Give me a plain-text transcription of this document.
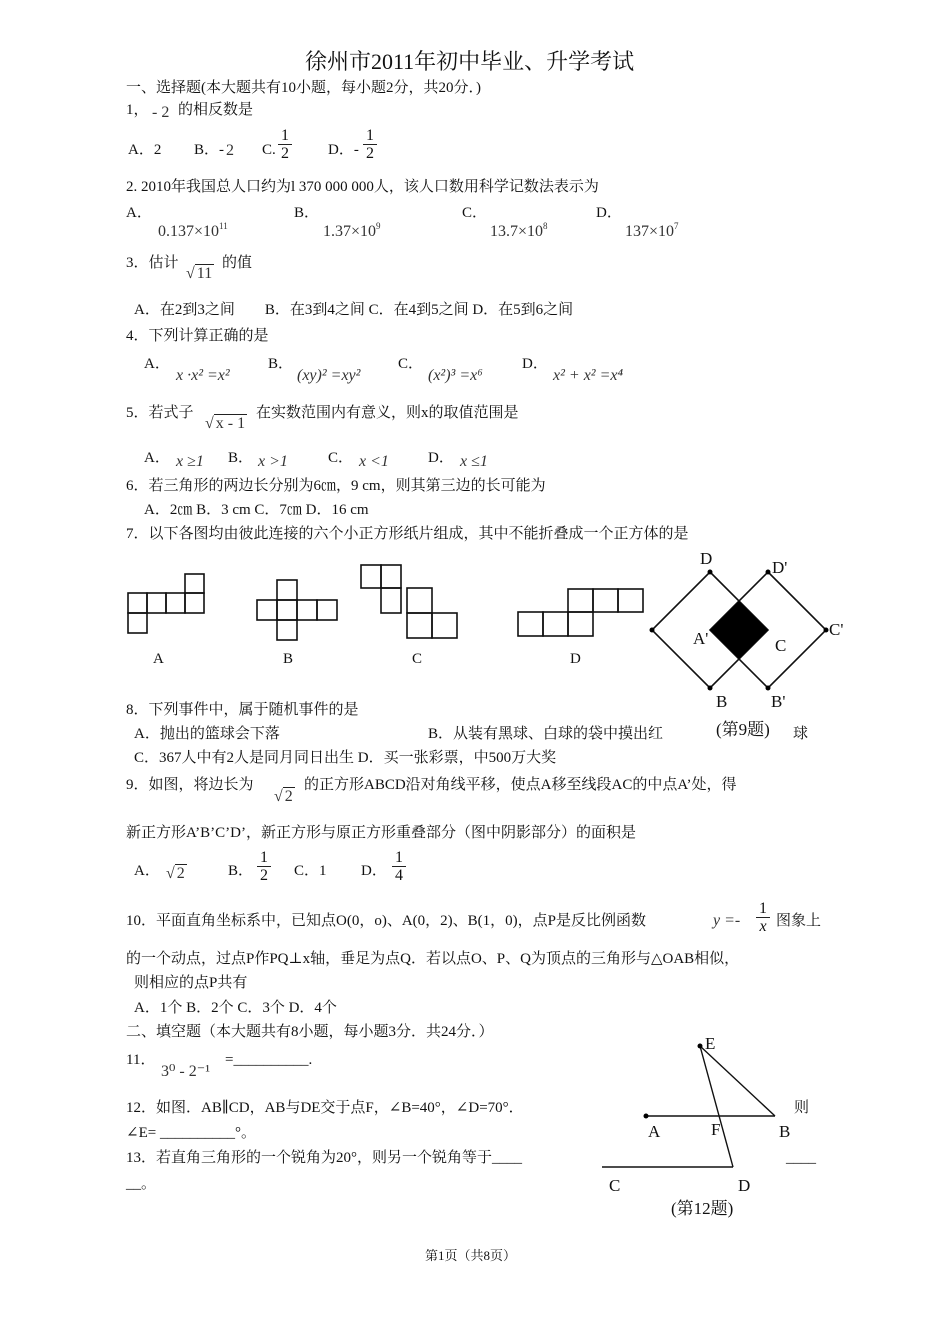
徐州市2011年初中毕业、升学考试
一、选择题(本大题共有10小题，每小题2分，共20分．)
1， - 2 的相反数是
A．2 B．- 2 C.
1
2	D．-
1
2
2. 2010年我国总人口约为l 370 000 000人，该人口数用科学记数法表示为
A．
$0.137\times 10^{11}$
B．
$1.37\times 10^9$
C．
$13.7\times 10^8$
D．
$137\times 10^7$
3．估计
√ 11
的值
A．在2到3之间　　B．在3到4之间 C．在4到5之间 D．在5到6之间
4．下列计算正确的是
A．
x ·x² =x²
B．
(xy)² =xy²
C．
(x²)³ =x⁶
D．
x² + x² =x⁴
5．若式子
√ x - 1
在实数范围内有意义，则x的取值范围是
A． x ≥1 B． x >1	C． x <1	D． x ≤1
6．若三角形的两边长分别为6㎝，9 cm，则其第三边的长可能为
A．2㎝ B．3 cm C．7㎝ D．16 cm
7．以下各图均由彼此连接的六个小正方形纸片组成，其中不能折叠成一个正方体的是
A	B	C	D
D	D'
C'
A'	C
B	B'
(第9题)
8．下列事件中，属于随机事件的是
A．抛出的篮球会下落	B．从装有黑球、白球的袋中摸出红	球
C．367人中有2人是同月同日出生 D．买一张彩票，中500万大奖
9．如图，将边长为
√ 2
的正方形ABCD沿对角线平移，使点A移至线段AC的中点A’处，得
新正方形A’B’C’D’，新正方形与原正方形重叠部分（图中阴影部分）的面积是
A． √ 2	B．
1
2 C．1 D．
1
4
10．平面直角坐标系中，已知点O(0，o)、A(0，2)、B(1，0)，点P是反比例函数	y =-
1
x 图象上
的一个动点，过点P作PQ⊥x轴，垂足为点Q．若以点O、P、Q为顶点的三角形与△OAB相似，
则相应的点P共有
A．1个 B．2个 C．3个 D．4个
二、填空题（本大题共有8小题，每小题3分．共24分．）
11．
3⁰ - 2⁻¹
=__________.
12．如图．AB∥CD，AB与DE交于点F，∠B=40°，∠D=70°．	则
∠E= __________°。
E
A	F	B
C	D
(第12题)
13．若直角三角形的一个锐角为20°，则另一个锐角等于____	____
__。
第1页（共8页）
